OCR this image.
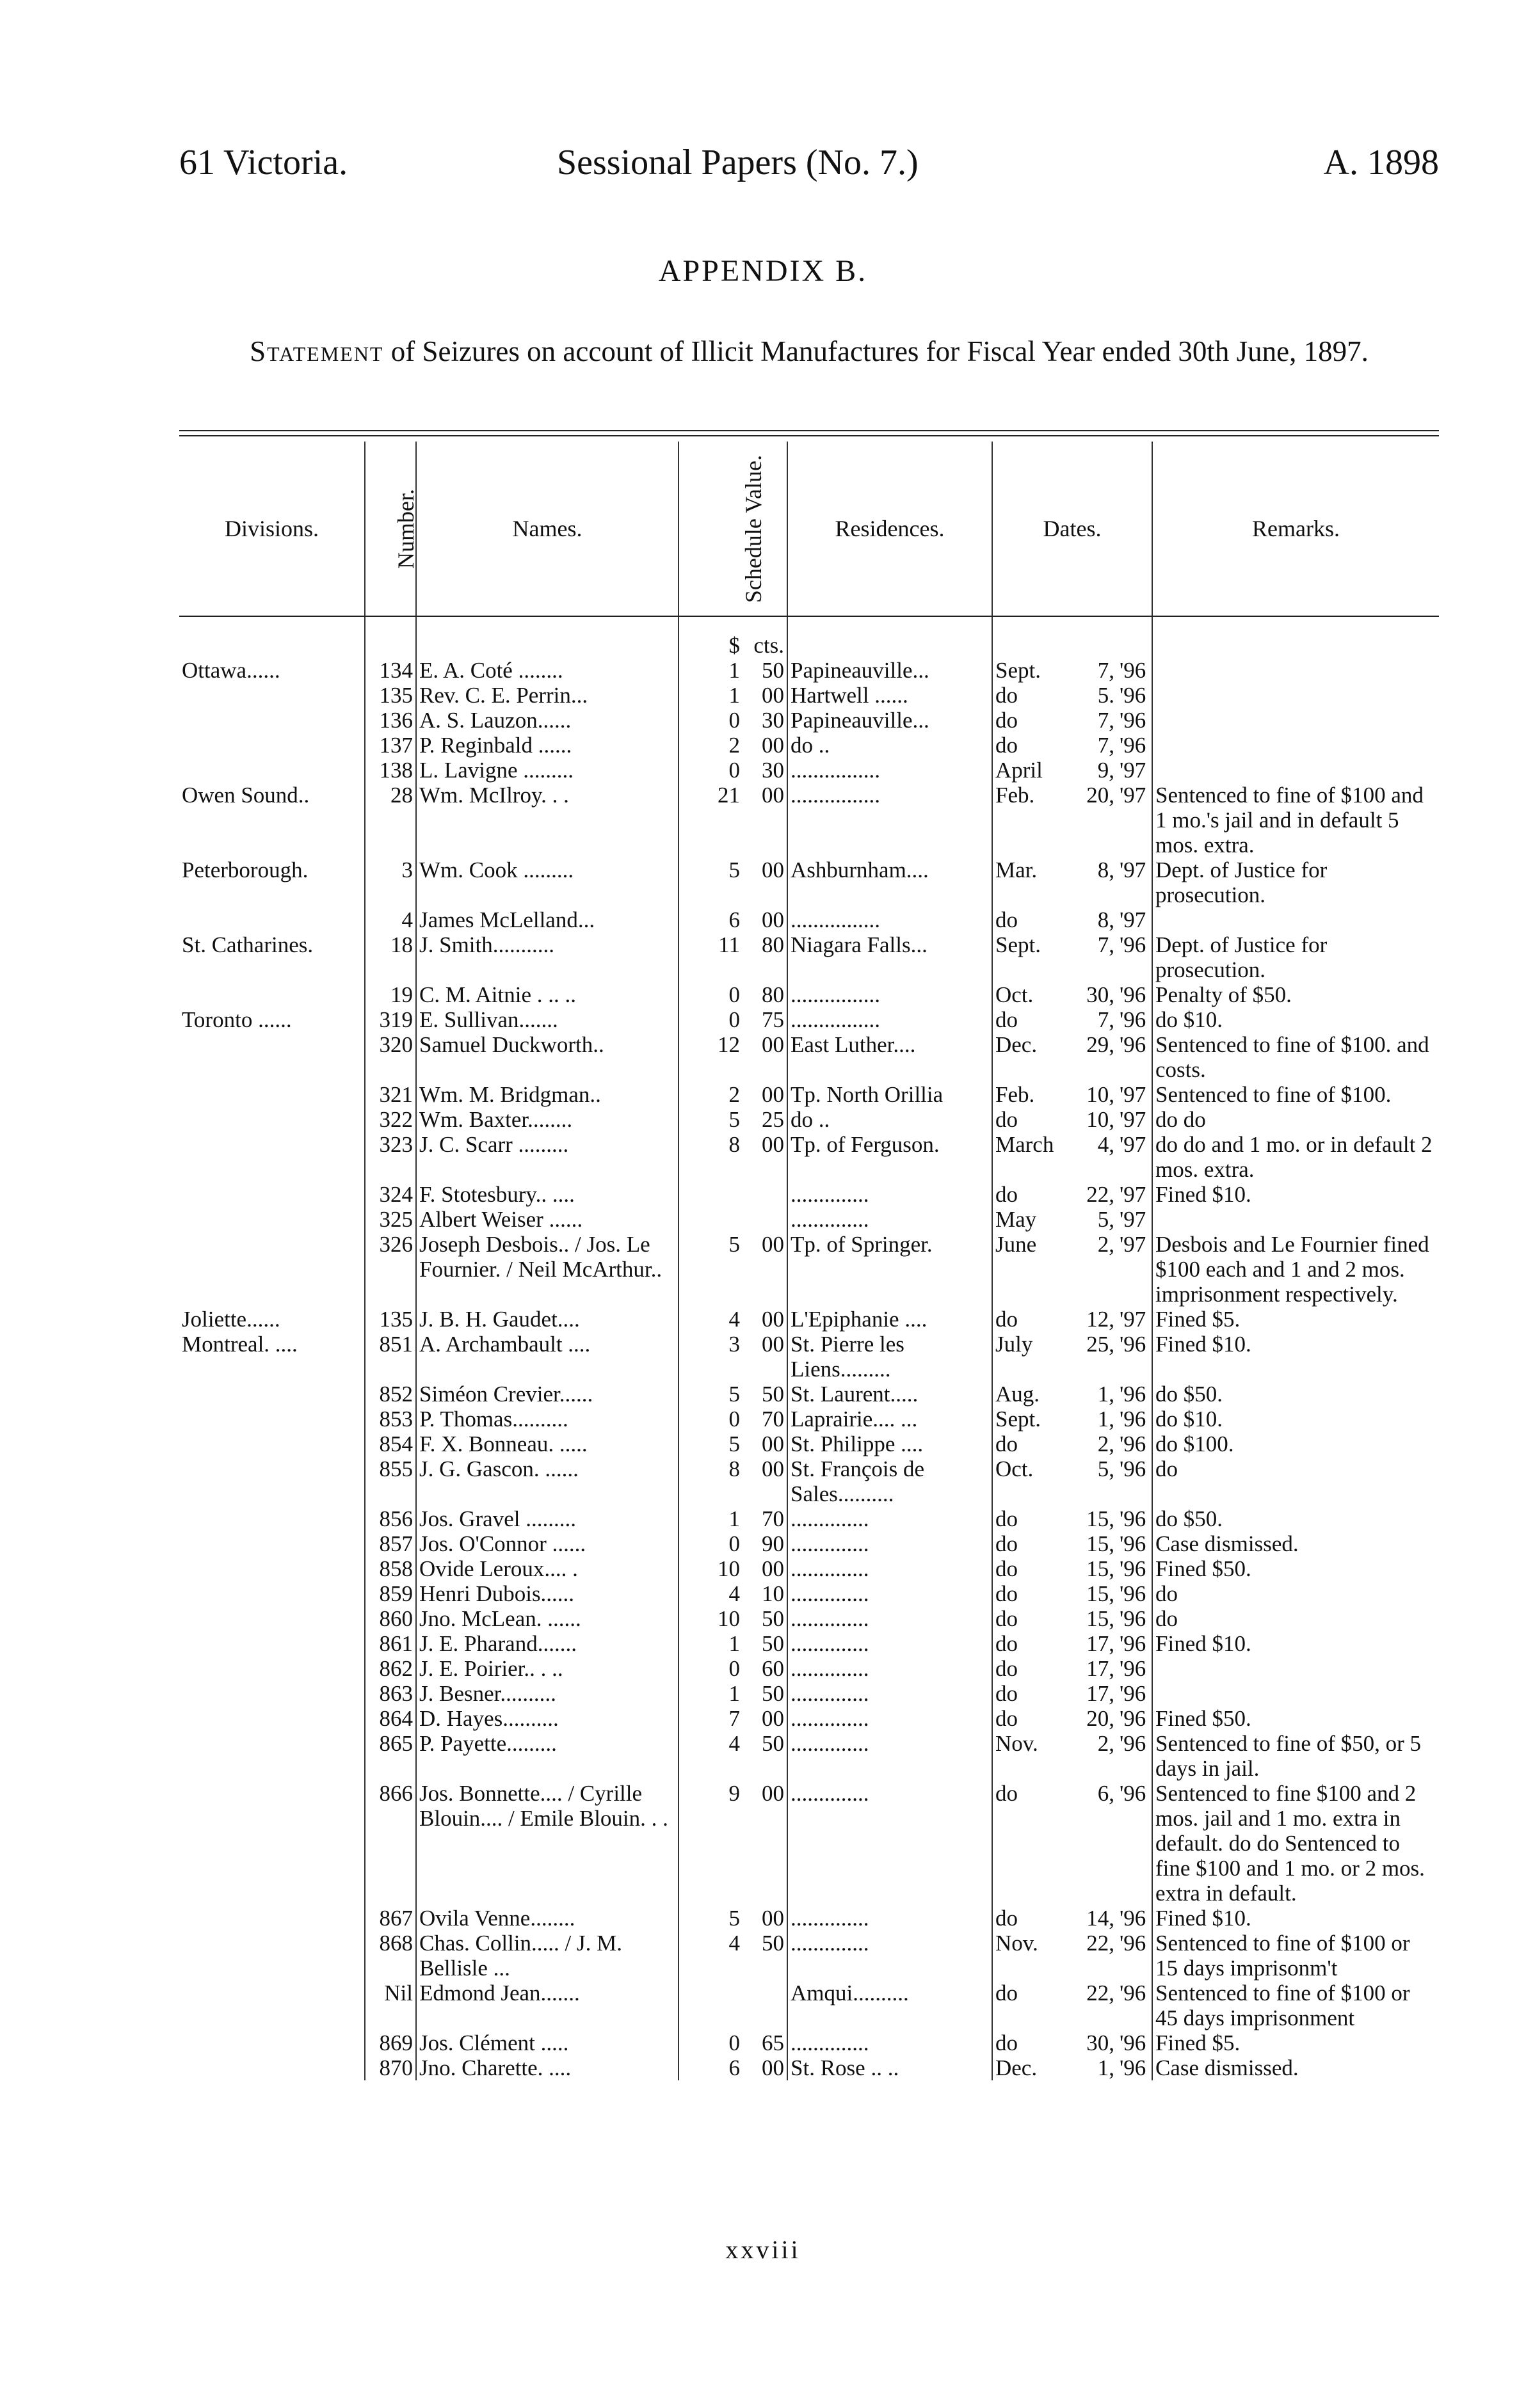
61 Victoria.	Sessional Papers (No. 7.)	A. 1898
APPENDIX B.
Statement of Seizures on account of Illicit Manufactures for Fiscal Year ended 30th June, 1897.
Divisions.	Number.	Names.	Schedule Value.		Residences.	Dates.			Remarks.
			$	cts.					
Ottawa......	134	E. A. Coté ........	1	50	Papineauville...	Sept.	7,	'96	
	135	Rev. C. E. Perrin...	1	00	Hartwell ......	do	5.	'96	
	136	A. S. Lauzon......	0	30	Papineauville...	do	7,	'96	
	137	P. Reginbald ......	2	00	do ..	do	7,	'96	
	138	L. Lavigne .........	0	30	................	April	9,	'97	
Owen Sound..	28	Wm. McIlroy. . .	21	00	................	Feb.	20,	'97	Sentenced to fine of $100 and 1 mo.'s jail and in default 5 mos. extra.
Peterborough.	3	Wm. Cook .........	5	00	Ashburnham....	Mar.	8,	'97	Dept. of Justice for prosecution.
	4	James McLelland...	6	00	................	do	8,	'97	
St. Catharines.	18	J. Smith...........	11	80	Niagara Falls...	Sept.	7,	'96	Dept. of Justice for prosecution.
	19	C. M. Aitnie . .. ..	0	80	................	Oct.	30,	'96	Penalty of $50.
Toronto ......	319	E. Sullivan.......	0	75	................	do	7,	'96	do $10.
	320	Samuel Duckworth..	12	00	East Luther....	Dec.	29,	'96	Sentenced to fine of $100. and costs.
	321	Wm. M. Bridgman..	2	00	Tp. North Orillia	Feb.	10,	'97	Sentenced to fine of $100.
	322	Wm. Baxter........	5	25	do ..	do	10,	'97	do do
	323	J. C. Scarr .........	8	00	Tp. of Ferguson.	March	4,	'97	do do and 1 mo. or in default 2 mos. extra.
	324	F. Stotesbury.. ....			..............	do	22,	'97	Fined $10.
	325	Albert Weiser ......			..............	May	5,	'97	
	326	Joseph Desbois.. / Jos. Le Fournier. / Neil McArthur..	5	00	Tp. of Springer.	June	2,	'97	Desbois and Le Fournier fined $100 each and 1 and 2 mos. imprisonment respectively.
Joliette......	135	J. B. H. Gaudet....	4	00	L'Epiphanie ....	do	12,	'97	Fined $5.
Montreal. ....	851	A. Archambault ....	3	00	St. Pierre les Liens.........	July	25,	'96	Fined $10.
	852	Siméon Crevier......	5	50	St. Laurent.....	Aug.	1,	'96	do $50.
	853	P. Thomas..........	0	70	Laprairie.... ...	Sept.	1,	'96	do $10.
	854	F. X. Bonneau. .....	5	00	St. Philippe ....	do	2,	'96	do $100.
	855	J. G. Gascon. ......	8	00	St. François de Sales..........	Oct.	5,	'96	do
	856	Jos. Gravel .........	1	70	..............	do	15,	'96	do $50.
	857	Jos. O'Connor ......	0	90	..............	do	15,	'96	Case dismissed.
	858	Ovide Leroux.... .	10	00	..............	do	15,	'96	Fined $50.
	859	Henri Dubois......	4	10	..............	do	15,	'96	do
	860	Jno. McLean. ......	10	50	..............	do	15,	'96	do
	861	J. E. Pharand.......	1	50	..............	do	17,	'96	Fined $10.
	862	J. E. Poirier.. . ..	0	60	..............	do	17,	'96	
	863	J. Besner..........	1	50	..............	do	17,	'96	
	864	D. Hayes..........	7	00	..............	do	20,	'96	Fined $50.
	865	P. Payette.........	4	50	..............	Nov.	2,	'96	Sentenced to fine of $50, or 5 days in jail.
	866	Jos. Bonnette.... / Cyrille Blouin.... / Emile Blouin. . .	9	00	..............	do	6,	'96	Sentenced to fine $100 and 2 mos. jail and 1 mo. extra in default. do do Sentenced to fine $100 and 1 mo. or 2 mos. extra in default.
	867	Ovila Venne........	5	00	..............	do	14,	'96	Fined $10.
	868	Chas. Collin..... / J. M. Bellisle ...	4	50	..............	Nov.	22,	'96	Sentenced to fine of $100 or 15 days imprisonm't
	Nil	Edmond Jean.......			Amqui..........	do	22,	'96	Sentenced to fine of $100 or 45 days imprisonment
	869	Jos. Clément .....	0	65	..............	do	30,	'96	Fined $5.
	870	Jno. Charette. ....	6	00	St. Rose .. ..	Dec.	1,	'96	Case dismissed.
xxviii
